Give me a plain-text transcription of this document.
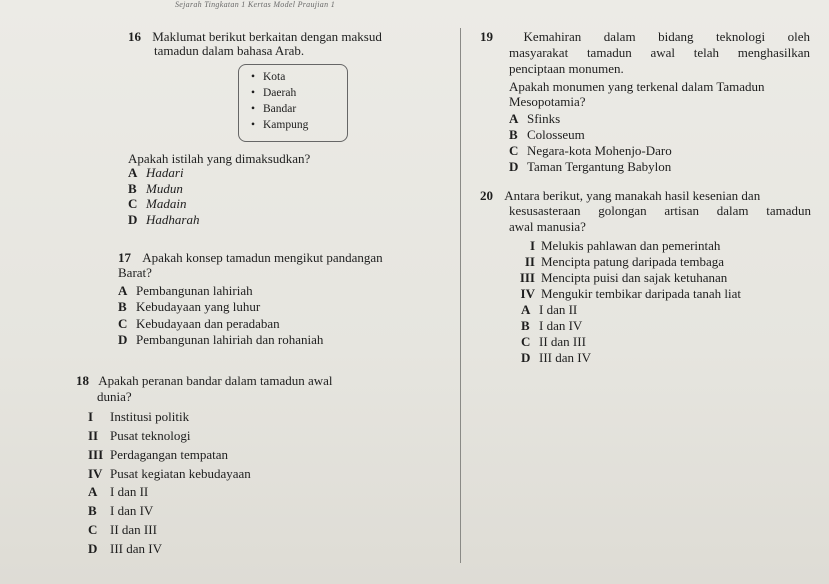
Sejarah Tingkatan 1 Kertas Model Praujian 1
16 Maklumat berikut berkaitan dengan maksud
tamadun dalam bahasa Arab.
• Kota
• Daerah
• Bandar
• Kampung
Apakah istilah yang dimaksudkan?
A Hadari
B Mudun
C Madain
D Hadharah
17 Apakah konsep tamadun mengikut pandangan
Barat?
A Pembangunan lahiriah
B Kebudayaan yang luhur
C Kebudayaan dan peradaban
D Pembangunan lahiriah dan rohaniah
18 Apakah peranan bandar dalam tamadun awal
dunia?
I Institusi politik
II Pusat teknologi
III Perdagangan tempatan
IV Pusat kegiatan kebudayaan
A I dan II
B I dan IV
C II dan III
D III dan IV
19 Kemahiran dalam bidang teknologi oleh
masyarakat tamadun awal telah menghasilkan
penciptaan monumen.
Apakah monumen yang terkenal dalam Tamadun
Mesopotamia?
A Sfinks
B Colosseum
C Negara-kota Mohenjo-Daro
D Taman Tergantung Babylon
20 Antara berikut, yang manakah hasil kesenian dan
kesusasteraan golongan artisan dalam tamadun
awal manusia?
I Melukis pahlawan dan pemerintah
II Mencipta patung daripada tembaga
III Mencipta puisi dan sajak ketuhanan
IV Mengukir tembikar daripada tanah liat
A I dan II
B I dan IV
C II dan III
D III dan IV
